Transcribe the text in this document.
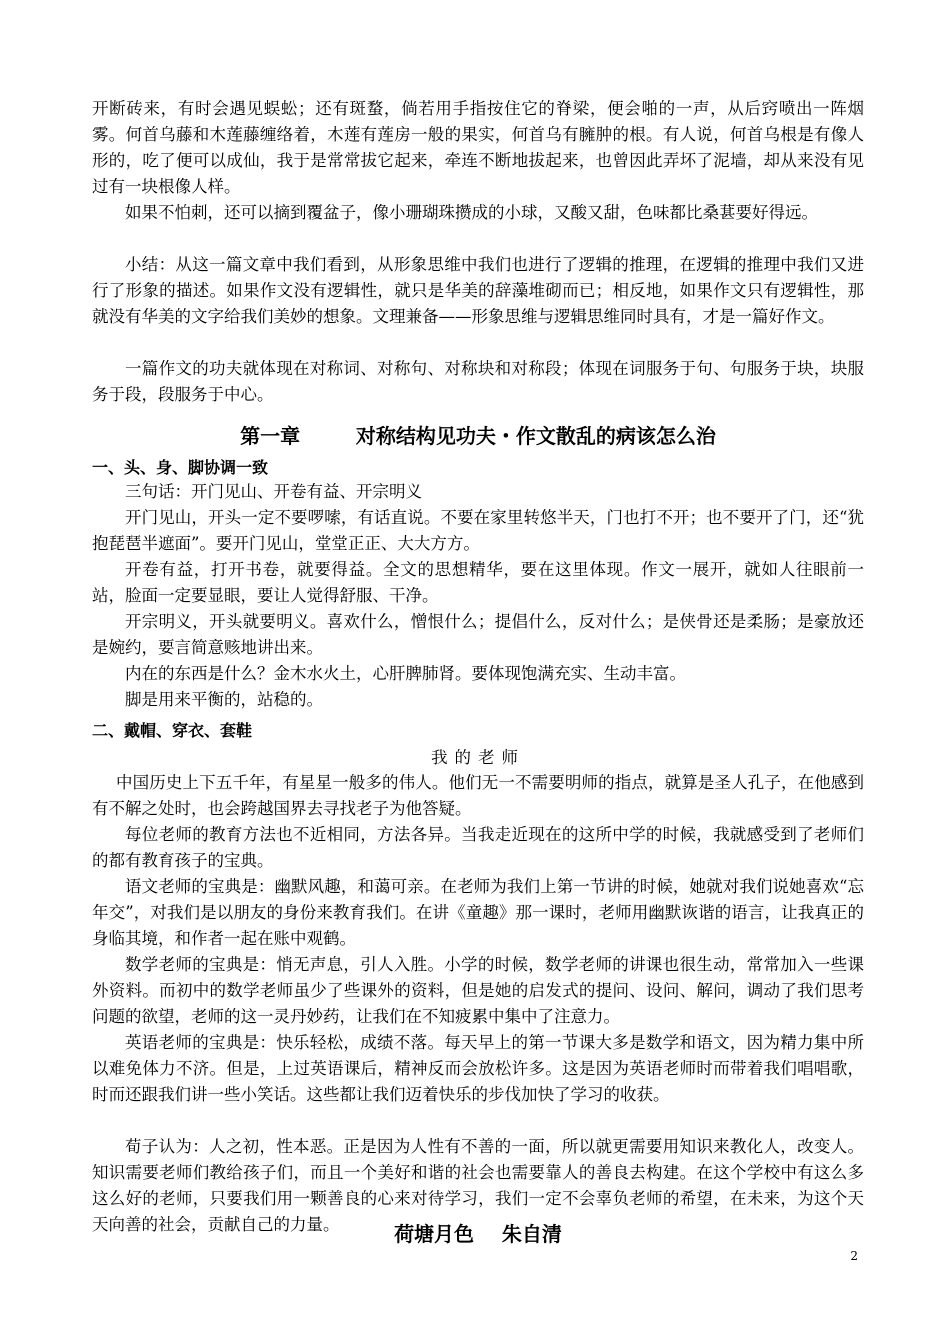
开断砖来，有时会遇见蜈蚣；还有斑蝥，倘若用手指按住它的脊梁，便会啪的一声，从后窍喷出一阵烟雾。何首乌藤和木莲藤缠络着，木莲有莲房一般的果实，何首乌有臃肿的根。有人说，何首乌根是有像人形的，吃了便可以成仙，我于是常常拔它起来，牵连不断地拔起来，也曾因此弄坏了泥墙，却从来没有见过有一块根像人样。

如果不怕刺，还可以摘到覆盆子，像小珊瑚珠攒成的小球，又酸又甜，色味都比桑葚要好得远。

小结：从这一篇文章中我们看到，从形象思维中我们也进行了逻辑的推理，在逻辑的推理中我们又进行了形象的描述。如果作文没有逻辑性，就只是华美的辞藻堆砌而已；相反地，如果作文只有逻辑性，那就没有华美的文字给我们美妙的想象。文理兼备——形象思维与逻辑思维同时具有，才是一篇好作文。

一篇作文的功夫就体现在对称词、对称句、对称块和对称段；体现在词服务于句、句服务于块，块服务于段，段服务于中心。

第一章        对称结构见功夫・作文散乱的病该怎么治
一、头、身、脚协调一致

三句话：开门见山、开卷有益、开宗明义

开门见山，开头一定不要啰嗦，有话直说。不要在家里转悠半天，门也打不开；也不要开了门，还“犹抱琵琶半遮面”。要开门见山，堂堂正正、大大方方。

开卷有益，打开书卷，就要得益。全文的思想精华，要在这里体现。作文一展开，就如人往眼前一站，脸面一定要显眼，要让人觉得舒服、干净。

开宗明义，开头就要明义。喜欢什么，憎恨什么；提倡什么，反对什么；是侠骨还是柔肠；是豪放还是婉约，要言简意赅地讲出来。

内在的东西是什么？金木水火土，心肝脾肺肾。要体现饱满充实、生动丰富。

脚是用来平衡的，站稳的。

二、戴帽、穿衣、套鞋

我的老师

中国历史上下五千年，有星星一般多的伟人。他们无一不需要明师的指点，就算是圣人孔子，在他感到有不解之处时，也会跨越国界去寻找老子为他答疑。

每位老师的教育方法也不近相同，方法各异。当我走近现在的这所中学的时候，我就感受到了老师们的都有教育孩子的宝典。

语文老师的宝典是：幽默风趣，和蔼可亲。在老师为我们上第一节讲的时候，她就对我们说她喜欢“忘年交”，对我们是以朋友的身份来教育我们。在讲《童趣》那一课时，老师用幽默诙谐的语言，让我真正的身临其境，和作者一起在账中观鹤。

数学老师的宝典是：悄无声息，引人入胜。小学的时候，数学老师的讲课也很生动，常常加入一些课外资料。而初中的数学老师虽少了些课外的资料，但是她的启发式的提问、设问、解问，调动了我们思考问题的欲望，老师的这一灵丹妙药，让我们在不知疲累中集中了注意力。

英语老师的宝典是：快乐轻松，成绩不落。每天早上的第一节课大多是数学和语文，因为精力集中所以难免体力不济。但是，上过英语课后，精神反而会放松许多。这是因为英语老师时而带着我们唱唱歌，时而还跟我们讲一些小笑话。这些都让我们迈着快乐的步伐加快了学习的收获。

荀子认为：人之初，性本恶。正是因为人性有不善的一面，所以就更需要用知识来教化人，改变人。知识需要老师们教给孩子们，而且一个美好和谐的社会也需要靠人的善良去构建。在这个学校中有这么多这么好的老师，只要我们用一颗善良的心来对待学习，我们一定不会辜负老师的希望，在未来，为这个天天向善的社会，贡献自己的力量。	荷塘月色    朱自清
2
